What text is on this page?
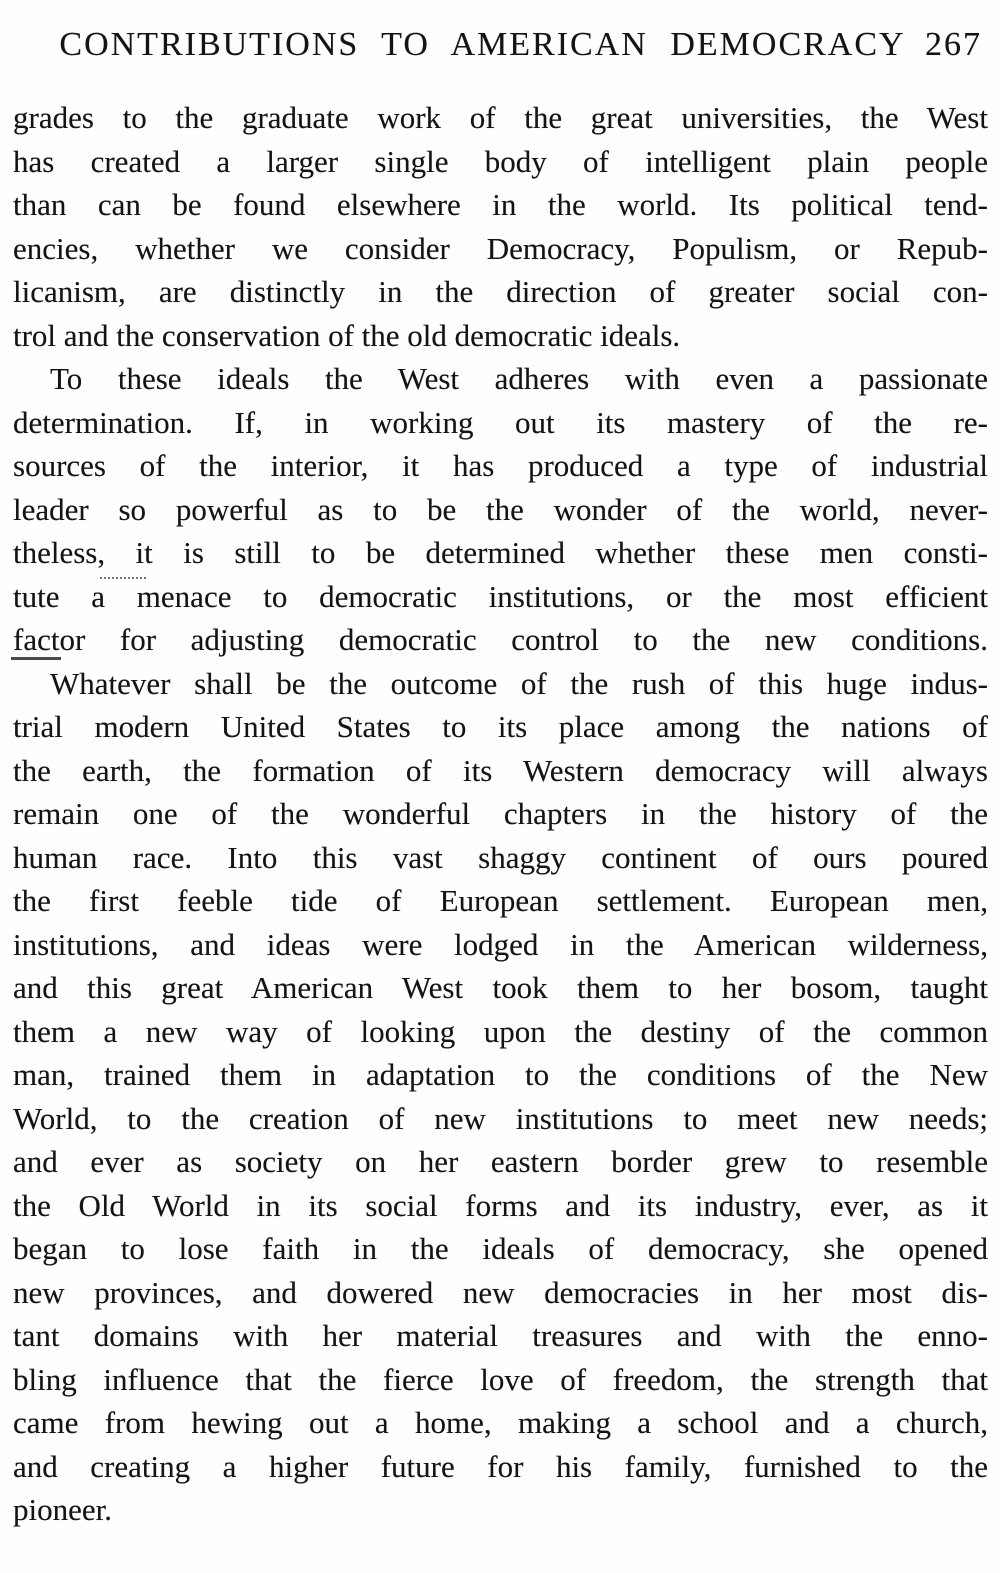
CONTRIBUTIONS TO AMERICAN DEMOCRACY 267
grades to the graduate work of the great universities, the West
has created a larger single body of intelligent plain people
than can be found elsewhere in the world. Its political tend-
encies, whether we consider Democracy, Populism, or Repub-
licanism, are distinctly in the direction of greater social con-
trol and the conservation of the old democratic ideals.
To these ideals the West adheres with even a passionate
determination. If, in working out its mastery of the re-
sources of the interior, it has produced a type of industrial
leader so powerful as to be the wonder of the world, never-
theless, it is still to be determined whether these men consti-
tute a menace to democratic institutions, or the most efficient
factor for adjusting democratic control to the new conditions.
Whatever shall be the outcome of the rush of this huge indus-
trial modern United States to its place among the nations of
the earth, the formation of its Western democracy will always
remain one of the wonderful chapters in the history of the
human race. Into this vast shaggy continent of ours poured
the first feeble tide of European settlement. European men,
institutions, and ideas were lodged in the American wilderness,
and this great American West took them to her bosom, taught
them a new way of looking upon the destiny of the common
man, trained them in adaptation to the conditions of the New
World, to the creation of new institutions to meet new needs;
and ever as society on her eastern border grew to resemble
the Old World in its social forms and its industry, ever, as it
began to lose faith in the ideals of democracy, she opened
new provinces, and dowered new democracies in her most dis-
tant domains with her material treasures and with the enno-
bling influence that the fierce love of freedom, the strength that
came from hewing out a home, making a school and a church,
and creating a higher future for his family, furnished to the
pioneer.
